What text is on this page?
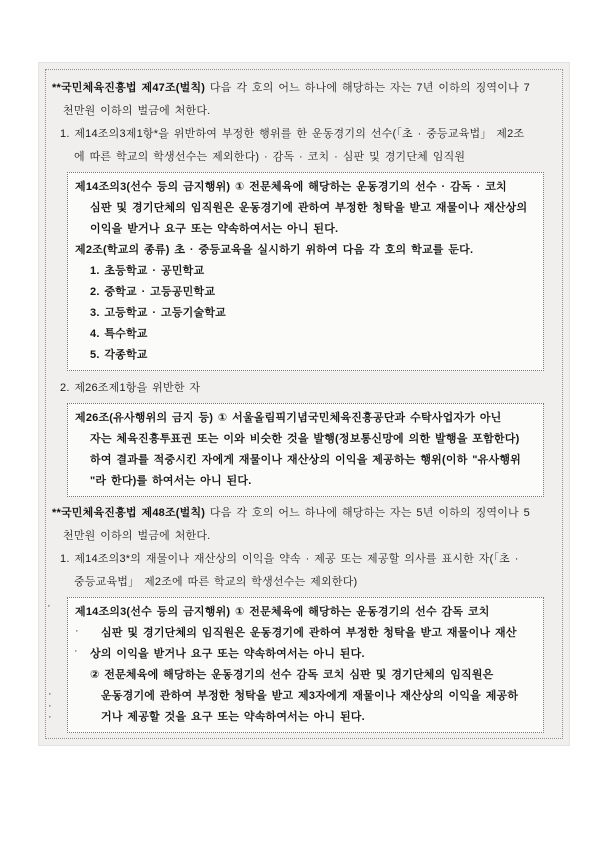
**국민체육진흥법 제47조(벌칙) 다음 각 호의 어느 하나에 해당하는 자는 7년 이하의 징역이나 7
천만원 이하의 벌금에 처한다.
1. 제14조의3제1항*을 위반하여 부정한 행위를 한 운동경기의 선수(「초 · 중등교육법」 제2조
에 따른 학교의 학생선수는 제외한다) · 감독 · 코치 · 심판 및 경기단체 임직원
제14조의3(선수 등의 금지행위) ① 전문체육에 해당하는 운동경기의 선수 · 감독 · 코치
심판 및 경기단체의 임직원은 운동경기에 관하여 부정한 청탁을 받고 재물이나 재산상의
이익을 받거나 요구 또는 약속하여서는 아니 된다.
제2조(학교의 종류) 초 · 중등교육을 실시하기 위하여 다음 각 호의 학교를 둔다.
1. 초등학교 · 공민학교
2. 중학교 · 고등공민학교
3. 고등학교 · 고등기술학교
4. 특수학교
5. 각종학교
2. 제26조제1항을 위반한 자
제26조(유사행위의 금지 등) ① 서울올림픽기념국민체육진흥공단과 수탁사업자가 아닌
자는 체육진흥투표권 또는 이와 비슷한 것을 발행(정보통신망에 의한 발행을 포함한다)
하여 결과를 적중시킨 자에게 재물이나 재산상의 이익을 제공하는 행위(이하 "유사행위
"라 한다)를 하여서는 아니 된다.
**국민체육진흥법 제48조(벌칙) 다음 각 호의 어느 하나에 해당하는 자는 5년 이하의 징역이나 5
천만원 이하의 벌금에 처한다.
1. 제14조의3*의 재물이나 재산상의 이익을 약속 · 제공 또는 제공할 의사를 표시한 자(「초 ·
중등교육법」 제2조에 따른 학교의 학생선수는 제외한다)
제14조의3(선수 등의 금지행위) ① 전문체육에 해당하는 운동경기의 선수 감독 코치
심판 및 경기단체의 임직원은 운동경기에 관하여 부정한 청탁을 받고 재물이나 재산
상의 이익을 받거나 요구 또는 약속하여서는 아니 된다.
② 전문체육에 해당하는 운동경기의 선수 감독 코치 심판 및 경기단체의 임직원은
운동경기에 관하여 부정한 청탁을 받고 제3자에게 재물이나 재산상의 이익을 제공하
거나 제공할 것을 요구 또는 약속하여서는 아니 된다.
·
·
·
·
·
·
